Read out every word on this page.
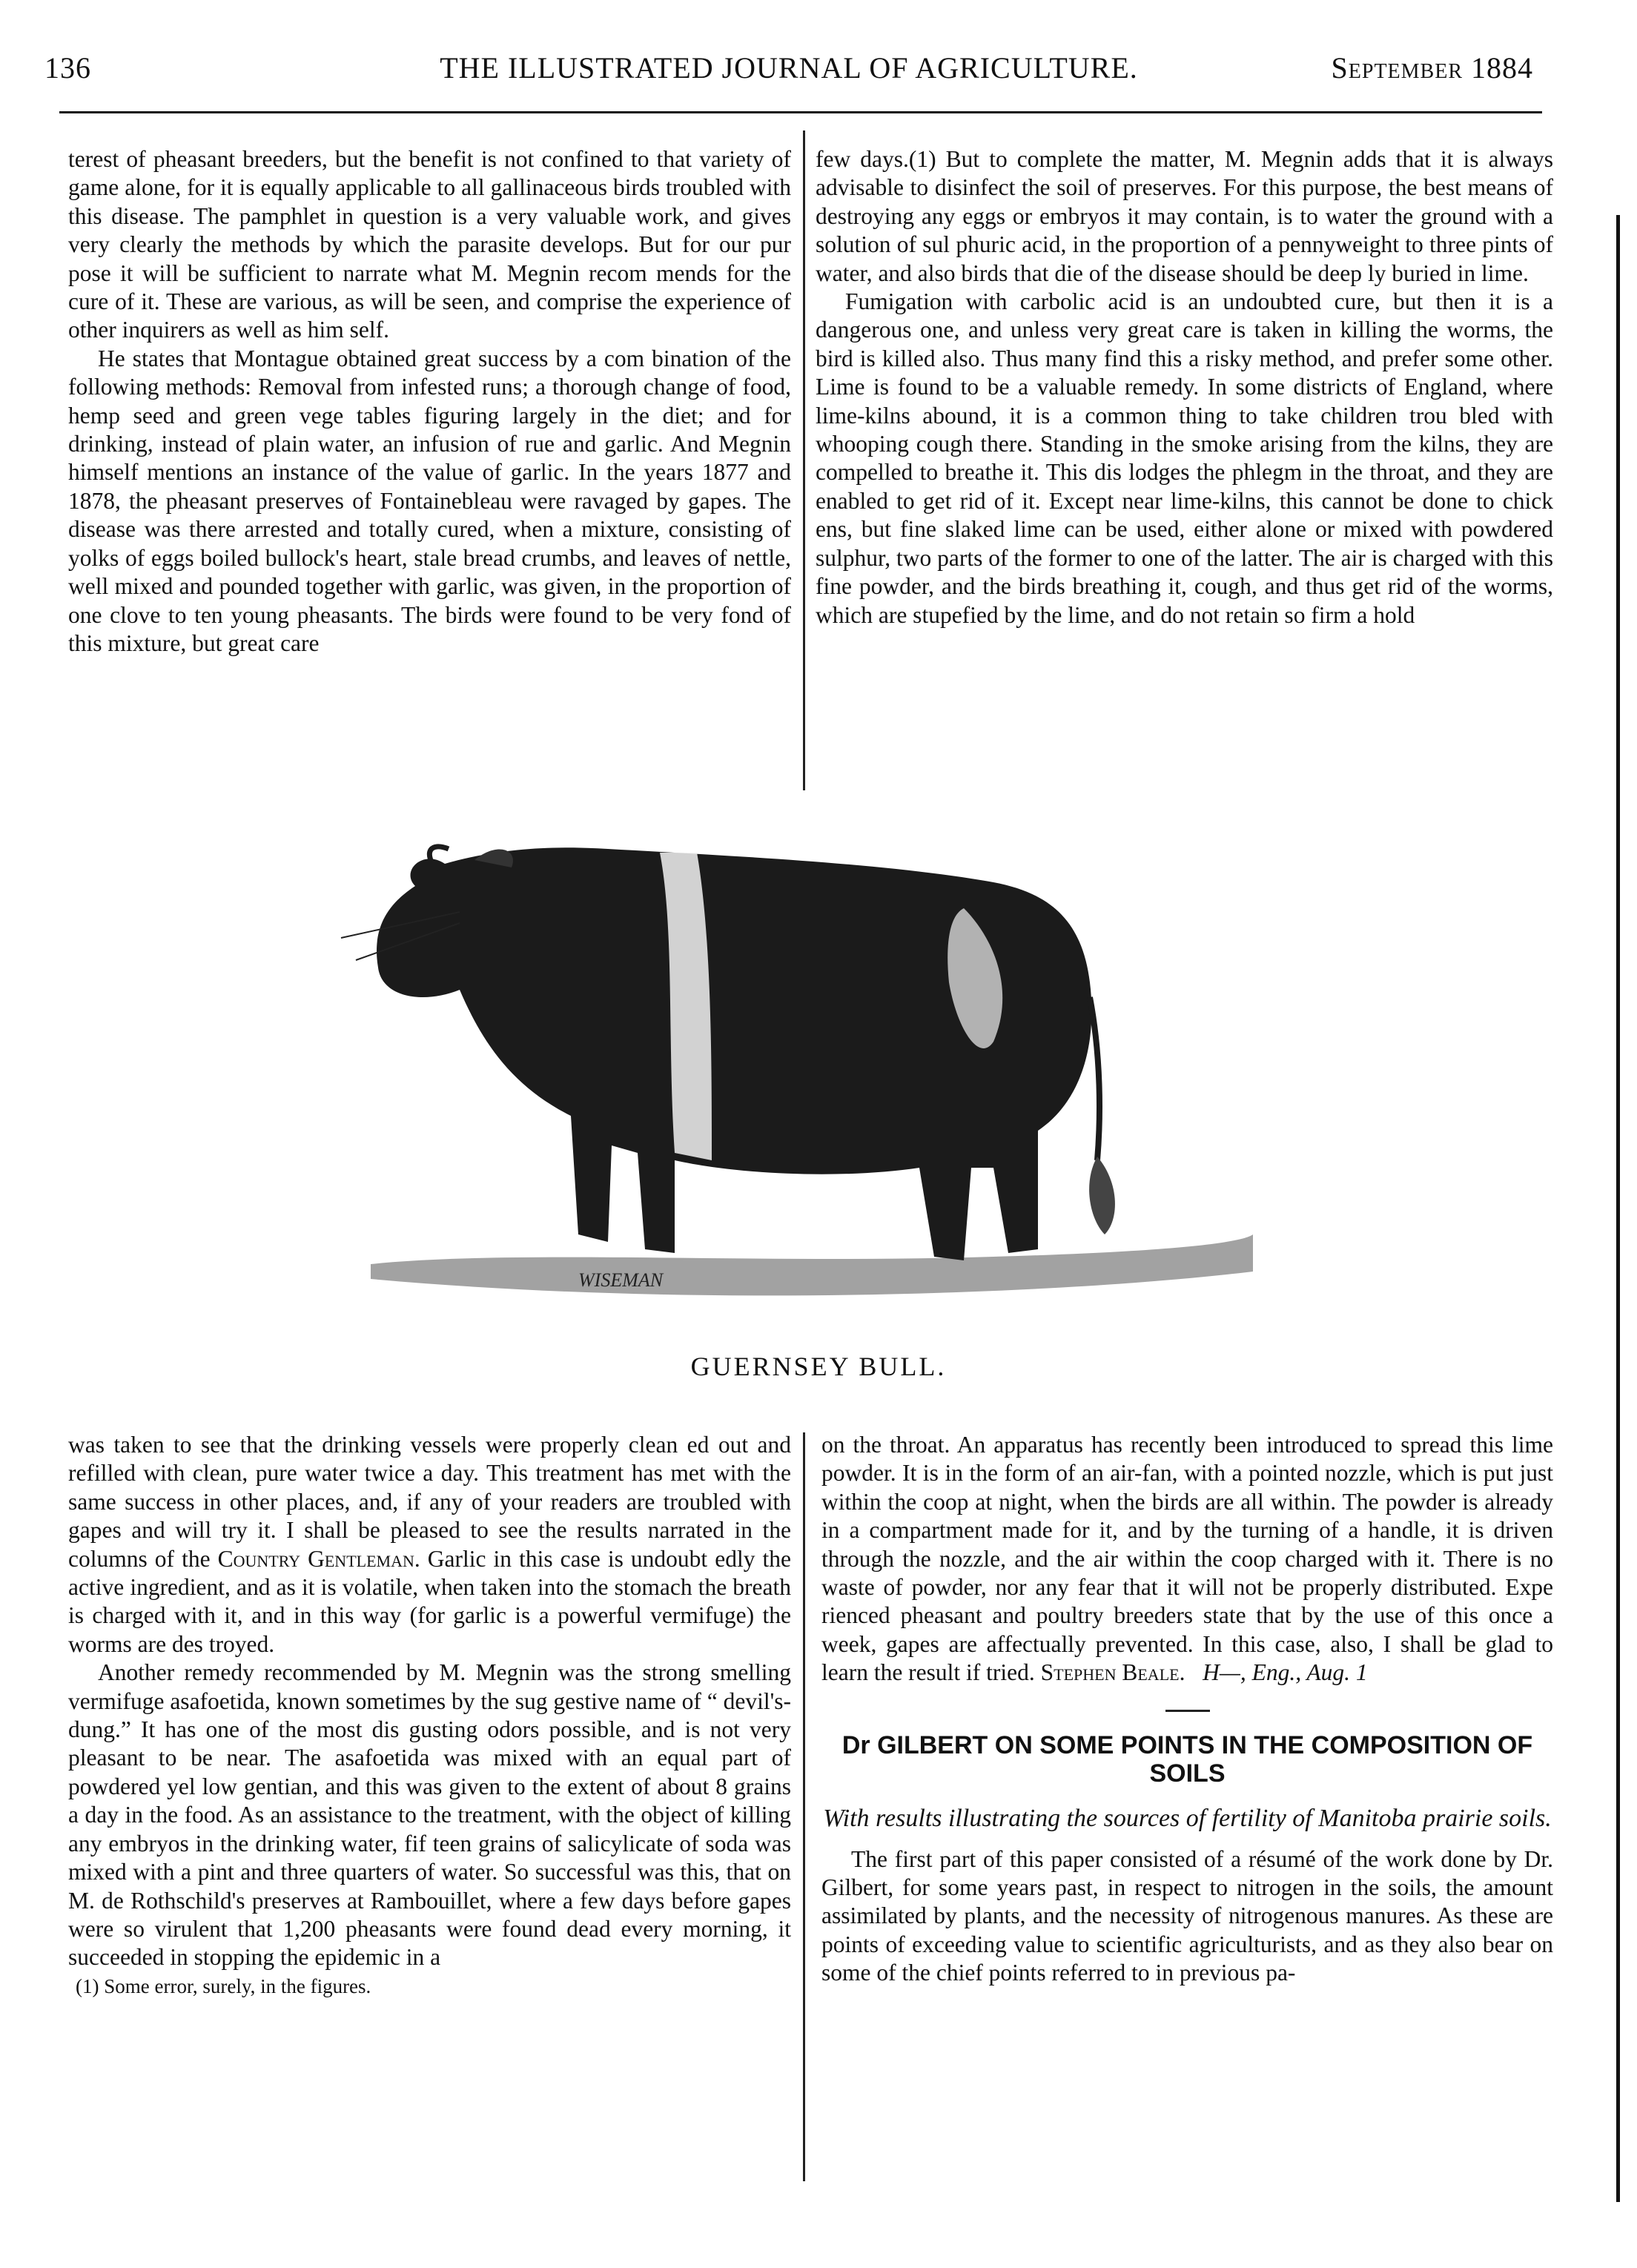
136	THE ILLUSTRATED JOURNAL OF AGRICULTURE.	September 1884

terest of pheasant breeders, but the benefit is not confined to that variety of game alone, for it is equally applicable to all gallinaceous birds troubled with this disease. The pamphlet in question is a very valuable work, and gives very clearly the methods by which the parasite develops. But for our pur pose it will be sufficient to narrate what M. Megnin recom mends for the cure of it. These are various, as will be seen, and comprise the experience of other inquirers as well as him self.

He states that Montague obtained great success by a com bination of the following methods: Removal from infested runs; a thorough change of food, hemp seed and green vege tables figuring largely in the diet; and for drinking, instead of plain water, an infusion of rue and garlic. And Megnin himself mentions an instance of the value of garlic. In the years 1877 and 1878, the pheasant preserves of Fontainebleau were ravaged by gapes. The disease was there arrested and totally cured, when a mixture, consisting of yolks of eggs boiled bullock's heart, stale bread crumbs, and leaves of nettle, well mixed and pounded together with garlic, was given, in the proportion of one clove to ten young pheasants. The birds were found to be very fond of this mixture, but great care

few days.(1) But to complete the matter, M. Megnin adds that it is always advisable to disinfect the soil of preserves. For this purpose, the best means of destroying any eggs or embryos it may contain, is to water the ground with a solution of sul phuric acid, in the proportion of a pennyweight to three pints of water, and also birds that die of the disease should be deep ly buried in lime.

Fumigation with carbolic acid is an undoubted cure, but then it is a dangerous one, and unless very great care is taken in killing the worms, the bird is killed also. Thus many find this a risky method, and prefer some other. Lime is found to be a valuable remedy. In some districts of England, where lime-kilns abound, it is a common thing to take children trou bled with whooping cough there. Standing in the smoke arising from the kilns, they are compelled to breathe it. This dis lodges the phlegm in the throat, and they are enabled to get rid of it. Except near lime-kilns, this cannot be done to chick ens, but fine slaked lime can be used, either alone or mixed with powdered sulphur, two parts of the former to one of the latter. The air is charged with this fine powder, and the birds breathing it, cough, and thus get rid of the worms, which are stupefied by the lime, and do not retain so firm a hold

WISEMAN
GUERNSEY BULL.

was taken to see that the drinking vessels were properly clean ed out and refilled with clean, pure water twice a day. This treatment has met with the same success in other places, and, if any of your readers are troubled with gapes and will try it. I shall be pleased to see the results narrated in the columns of the Country Gentleman. Garlic in this case is undoubt edly the active ingredient, and as it is volatile, when taken into the stomach the breath is charged with it, and in this way (for garlic is a powerful vermifuge) the worms are des troyed.

Another remedy recommended by M. Megnin was the strong smelling vermifuge asafoetida, known sometimes by the sug gestive name of “ devil's-dung.” It has one of the most dis gusting odors possible, and is not very pleasant to be near. The asafoetida was mixed with an equal part of powdered yel low gentian, and this was given to the extent of about 8 grains a day in the food. As an assistance to the treatment, with the object of killing any embryos in the drinking water, fif teen grains of salicylicate of soda was mixed with a pint and three quarters of water. So successful was this, that on M. de Rothschild's preserves at Rambouillet, where a few days before gapes were so virulent that 1,200 pheasants were found dead every morning, it succeeded in stopping the epidemic in a

(1) Some error, surely, in the figures.

on the throat. An apparatus has recently been introduced to spread this lime powder. It is in the form of an air-fan, with a pointed nozzle, which is put just within the coop at night, when the birds are all within. The powder is already in a compartment made for it, and by the turning of a handle, it is driven through the nozzle, and the air within the coop charged with it. There is no waste of powder, nor any fear that it will not be properly distributed. Expe rienced pheasant and poultry breeders state that by the use of this once a week, gapes are affectually prevented. In this case, also, I shall be glad to learn the result if tried. Stephen Beale. H—, Eng., Aug. 1

Dr GILBERT ON SOME POINTS IN THE COMPOSITION OF SOILS
With results illustrating the sources of fertility of Manitoba prairie soils.

The first part of this paper consisted of a résumé of the work done by Dr. Gilbert, for some years past, in respect to nitrogen in the soils, the amount assimilated by plants, and the necessity of nitrogenous manures. As these are points of exceeding value to scientific agriculturists, and as they also bear on some of the chief points referred to in previous pa-
